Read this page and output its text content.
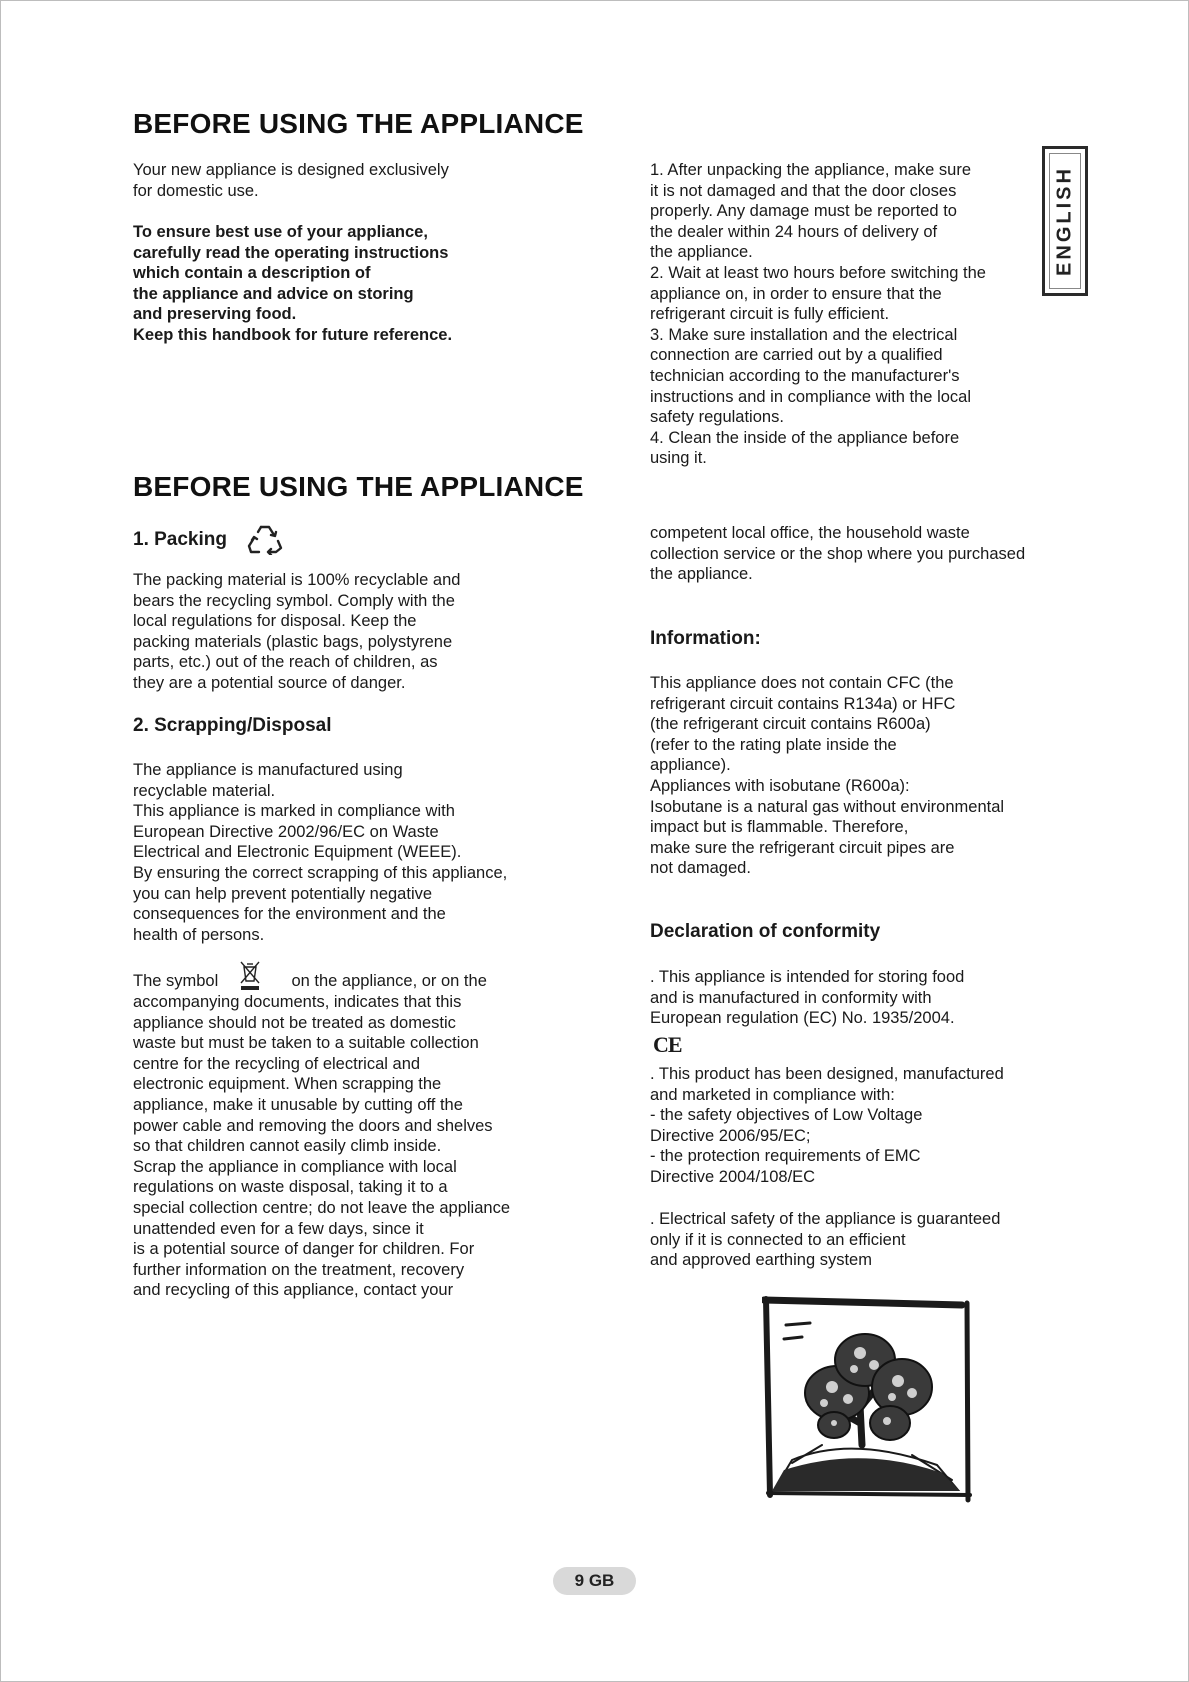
BEFORE USING THE APPLIANCE
Your new appliance is designed exclusively
for domestic use.
To ensure best use of your appliance,
carefully read the operating instructions
which contain a description of
the appliance and advice on storing
and preserving food.
Keep this handbook for future reference.
1. After unpacking the appliance, make sure
it is not damaged and that the door closes
properly. Any damage must be reported to
the dealer within 24 hours of delivery of
the appliance.
2. Wait at least two hours before switching the
appliance on, in order to ensure that the
refrigerant circuit is fully efficient.
3. Make sure installation and the electrical
connection are carried out by a qualified
technician according to the manufacturer's
instructions and in compliance with the local
safety regulations.
4. Clean the inside of the appliance before
using it.
ENGLISH
BEFORE USING THE APPLIANCE
1. Packing
The packing material is 100% recyclable and
bears the recycling symbol. Comply with the
local regulations for disposal. Keep the
packing materials (plastic bags, polystyrene
parts, etc.) out of the reach of children, as
they are a potential source of danger.
2. Scrapping/Disposal
The appliance is manufactured using
recyclable material.
This appliance is marked in compliance with
European Directive 2002/96/EC on Waste
Electrical and Electronic Equipment (WEEE).
By ensuring the correct scrapping of this appliance,
you can help prevent potentially negative
consequences for the environment and the
health of persons.
The symbol	on the appliance, or on the
accompanying documents, indicates that this
appliance should not be treated as domestic
waste but must be taken to a suitable collection
centre for the recycling of electrical and
electronic equipment. When scrapping the
appliance, make it unusable by cutting off the
power cable and removing the doors and shelves
so that children cannot easily climb inside.
Scrap the appliance in compliance with local
regulations on waste disposal, taking it to a
special collection centre; do not leave the appliance
unattended even for a few days, since it
is a potential source of danger for children. For
further information on the treatment, recovery
and recycling of this appliance, contact your
competent local office, the household waste
collection service or the shop where you purchased
the appliance.
Information:
This appliance does not contain CFC (the
refrigerant circuit contains R134a) or HFC
(the refrigerant circuit contains R600a)
(refer to the rating plate inside the
appliance).
Appliances with isobutane (R600a):
Isobutane is a natural gas without environmental
impact but is flammable. Therefore,
make sure the refrigerant circuit pipes are
not damaged.
Declaration of conformity
. This appliance is intended for storing food
and is manufactured in conformity with
European regulation (EC) No. 1935/2004.
CE
. This product has been designed, manufactured
and marketed in compliance with:
- the safety objectives of Low Voltage
Directive 2006/95/EC;
- the protection requirements of EMC
Directive 2004/108/EC
. Electrical safety of the appliance is guaranteed
only if it is connected to an efficient
and approved earthing system
9 GB
